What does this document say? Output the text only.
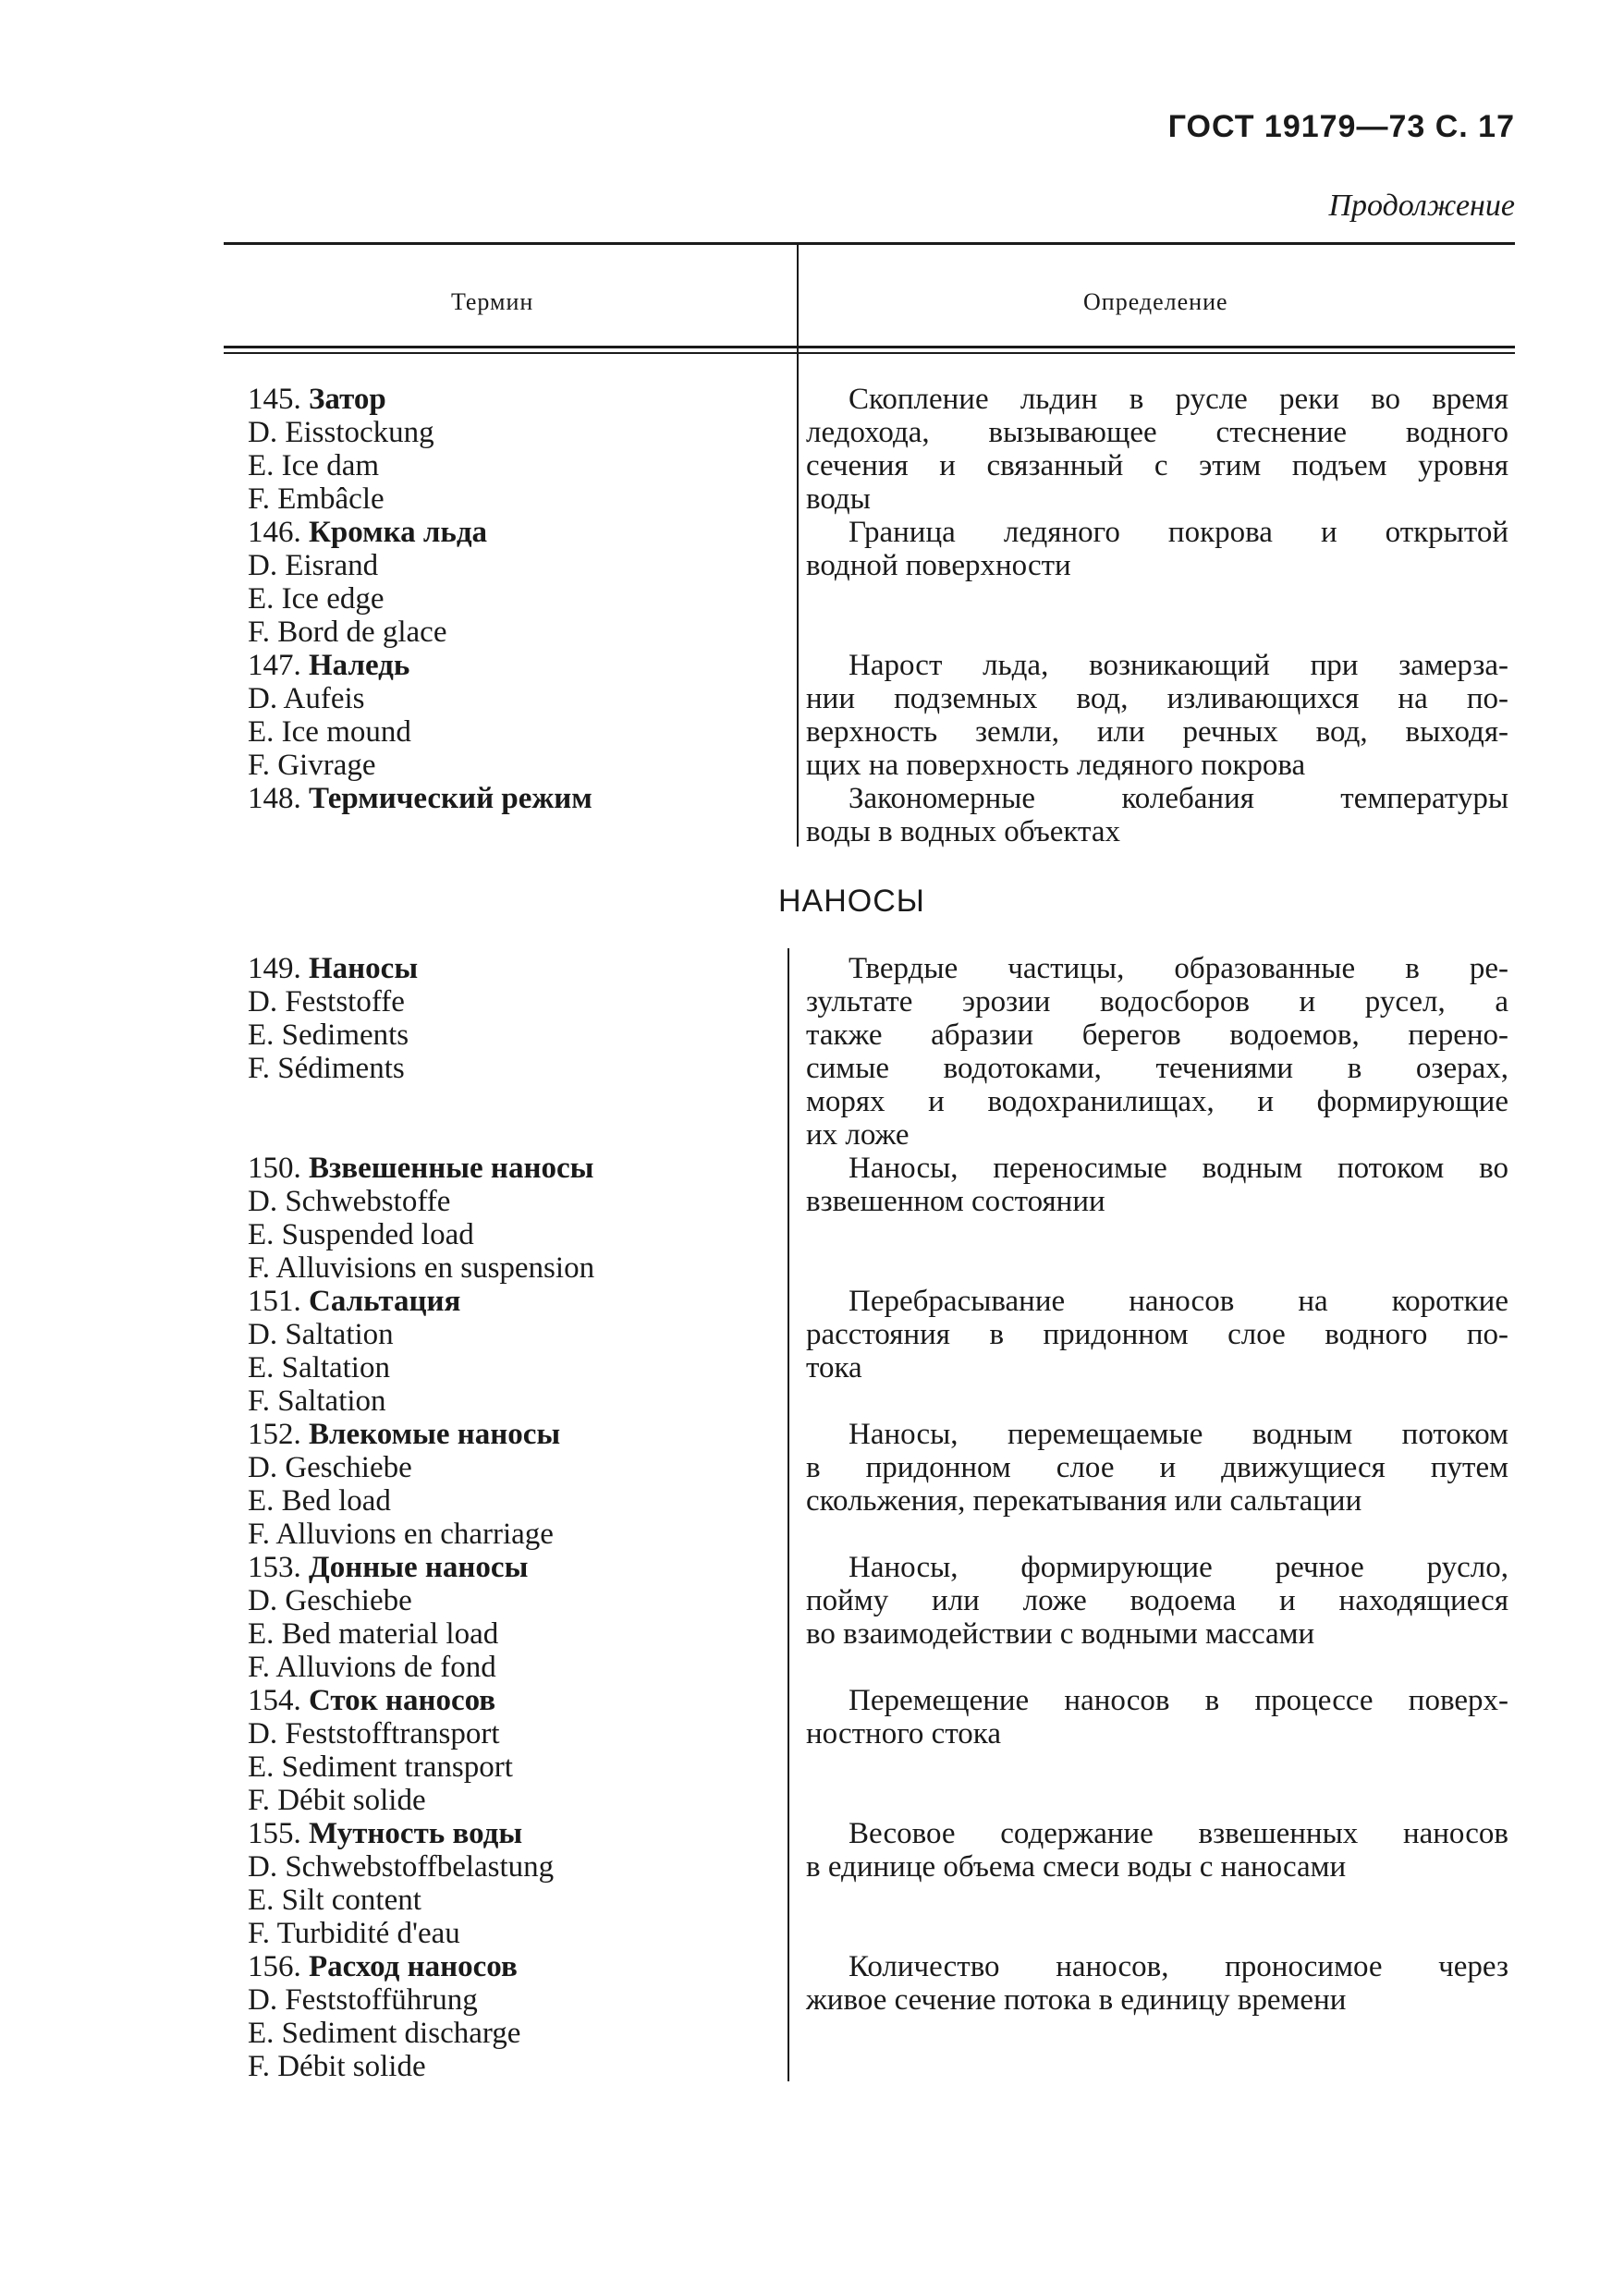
ГОСТ 19179—73 С. 17
Продолжение
Термин	Определение
145. Затор
D. Eisstockung
E. Ice dam
F. Embâcle
146. Кромка льда
D. Eisrand
E. Ice edge
F. Bord de glace
147. Наледь
D. Aufeis
E. Ice mound
F. Givrage
148. Термический режим
Скопление льдин в русле реки во время
ледохода, вызывающее стеснение водного
сечения и связанный с этим подъем уровня
воды
Граница ледяного покрова и открытой
водной поверхности
Нарост льда, возникающий при замерза-
нии подземных вод, изливающихся на по-
верхность земли, или речных вод, выходя-
щих на поверхность ледяного покрова
Закономерные колебания температуры
воды в водных объектах
НАНОСЫ
149. Наносы
D. Feststoffe
E. Sediments
F. Sédiments
150. Взвешенные наносы
D. Schwebstoffe
E. Suspended load
F. Alluvisions en suspension
151. Сальтация
D. Saltation
E. Saltation
F. Saltation
152. Влекомые наносы
D. Geschiebe
E. Bed load
F. Alluvions en charriage
153. Донные наносы
D. Geschiebe
E. Bed material load
F. Alluvions de fond
154. Сток наносов
D. Feststofftransport
E. Sediment transport
F. Débit solide
155. Мутность воды
D. Schwebstoffbelastung
E. Silt content
F. Turbidité d'eau
156. Расход наносов
D. Feststofführung
E. Sediment discharge
F. Débit solide
Твердые частицы, образованные в ре-
зультате эрозии водосборов и русел, а
также абразии берегов водоемов, перено-
симые водотоками, течениями в озерах,
морях и водохранилищах, и формирующие
их ложе
Наносы, переносимые водным потоком во
взвешенном состоянии
Перебрасывание наносов на короткие
расстояния в придонном слое водного по-
тока
Наносы, перемещаемые водным потоком
в придонном слое и движущиеся путем
скольжения, перекатывания или сальтации
Наносы, формирующие речное русло,
пойму или ложе водоема и находящиеся
во взаимодействии с водными массами
Перемещение наносов в процессе поверх-
ностного стока
Весовое содержание взвешенных наносов
в единице объема смеси воды с наносами
Количество наносов, проносимое через
живое сечение потока в единицу времени
